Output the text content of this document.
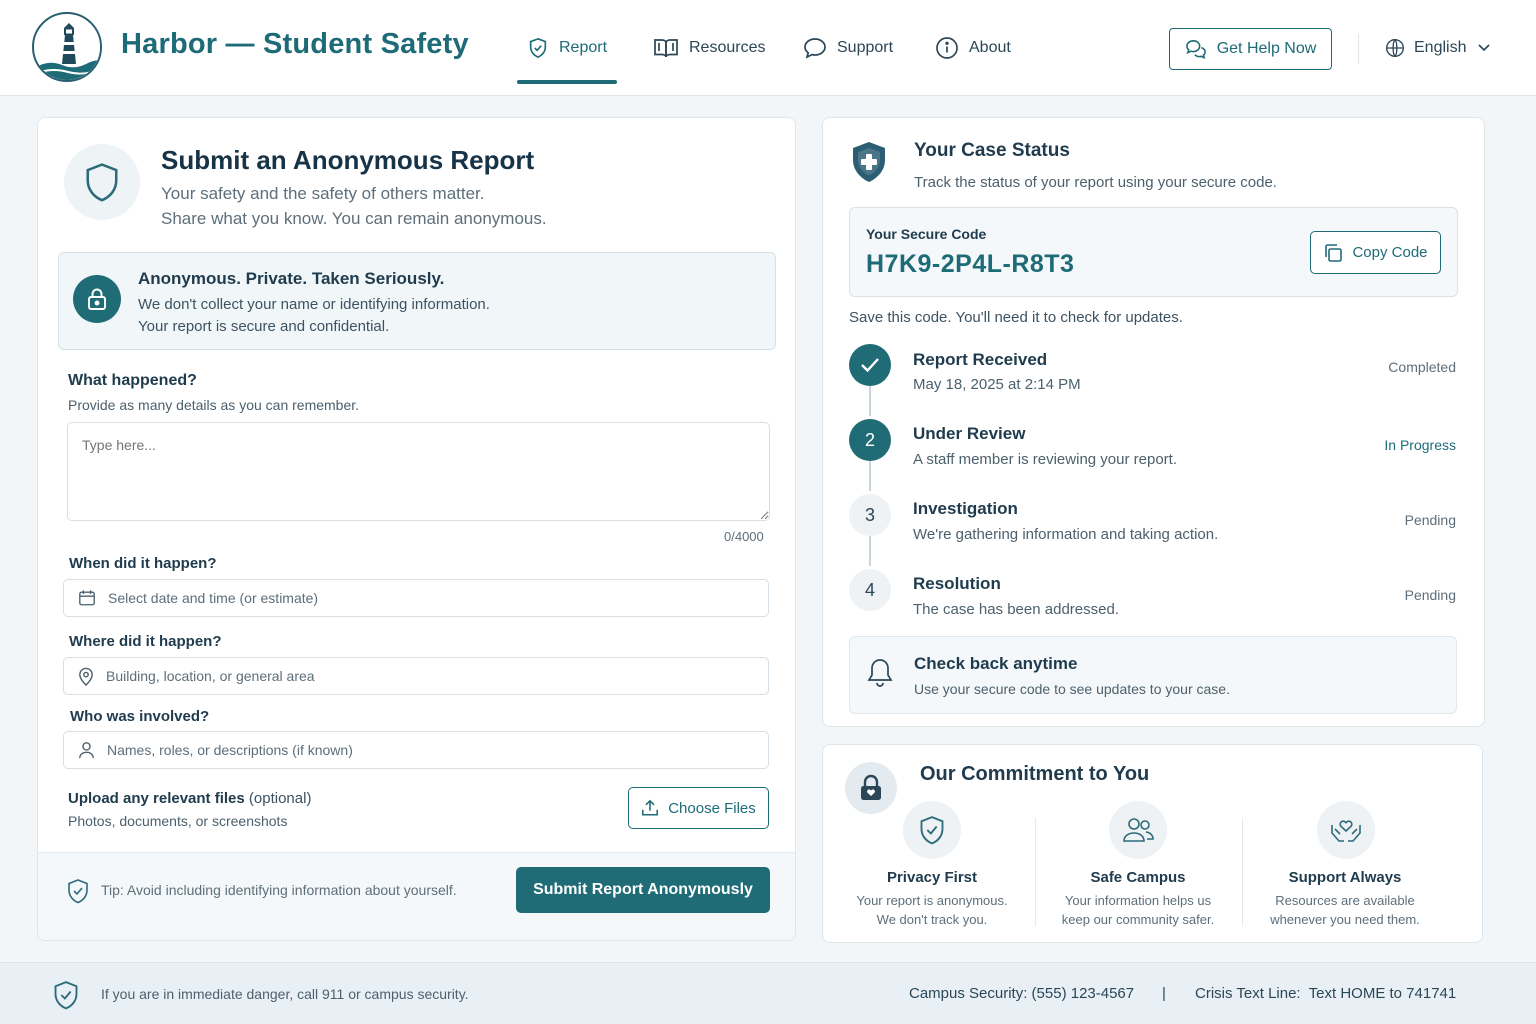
Harbor — Student Safety	Report	Resources	Support	About	Get Help Now	English
Submit an Anonymous Report
Your safety and the safety of others matter.
Share what you know. You can remain anonymous.
Anonymous. Private. Taken Seriously.
We don't collect your name or identifying information.
Your report is secure and confidential.
What happened?
Provide as many details as you can remember.
Type here...
0/4000
When did it happen?
Select date and time (or estimate)
Where did it happen?
Building, location, or general area
Who was involved?
Names, roles, or descriptions (if known)
Upload any relevant files (optional)
Photos, documents, or screenshots
Choose Files
Tip: Avoid including identifying information about yourself.	Submit Report Anonymously
Your Case Status
Track the status of your report using your secure code.
Your Secure Code
H7K9-2P4L-R8T3	Copy Code
Save this code. You'll need it to check for updates.
Report Received
May 18, 2025 at 2:14 PM
Completed
2	Under Review
A staff member is reviewing your report.
In Progress
3	Investigation
We're gathering information and taking action.
Pending
4	Resolution
The case has been addressed.
Pending
Check back anytime
Use your secure code to see updates to your case.
Our Commitment to You
Privacy First
Your report is anonymous.
We don't track you.
Safe Campus
Your information helps us
keep our community safer.
Support Always
Resources are available
whenever you need them.
If you are in immediate danger, call 911 or campus security.	Campus Security: (555) 123-4567 | Crisis Text Line:  Text HOME to 741741
